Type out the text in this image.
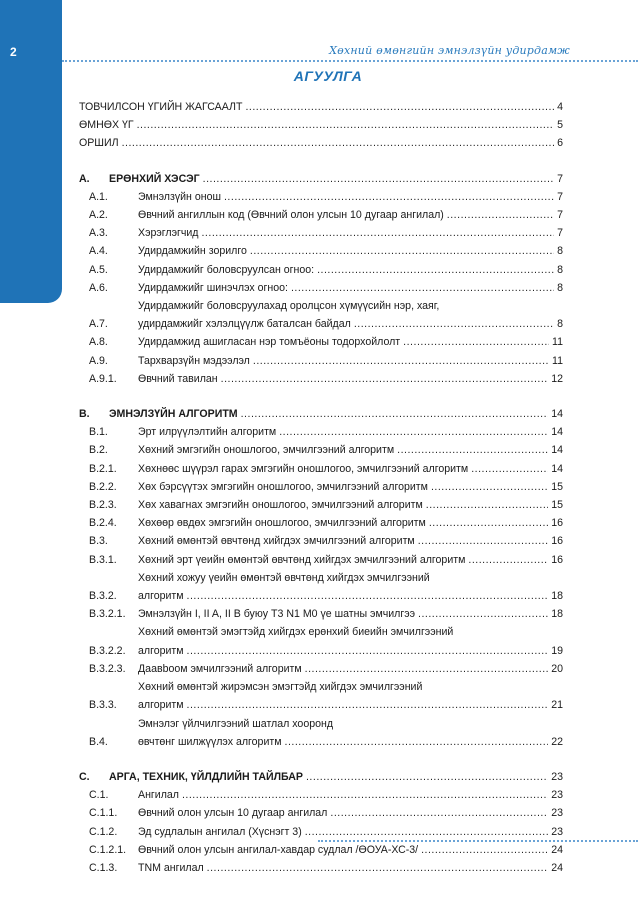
2	Хөхний өмөнгийн эмнэлзүйн удирдамж
АГУУЛГА
ТОВЧИЛСОН ҮГИЙН ЖАГСААЛТ .....	4
ӨМНӨХ ҮГ .....	5
ОРШИЛ .....	6
А.	ЕРӨНХИЙ ХЭСЭГ .....	7
А.1.	Эмнэлзүйн онош .....	7
А.2.	Өвчний ангиллын код (Өвчний олон улсын 10 дугаар ангилал) .....	7
А.3.	Хэрэглэгчид .....	7
А.4.	Удирдамжийн зорилго .....	8
А.5.	Удирдамжийг боловсруулсан огноо: .....	8
А.6.	Удирдамжийг шинэчлэх огноо: .....	8
А.7.
Удирдамжийг боловсруулахад оролцсон хүмүүсийн нэр, хаяг,
удирдамжийг хэлэлцүүлж баталсан байдал .....	8
А.8.	Удирдамжид ашигласан нэр томъёоны тодорхойлолт .....	11
А.9.	Тархварзүйн мэдээлэл .....	11
А.9.1.	Өвчний тавилан .....	12
В.	ЭМНЭЛЗҮЙН АЛГОРИТМ .....	14
В.1.	Эрт илрүүлэлтийн алгоритм .....	14
В.2.	Хөхний эмгэгийн оношлогоо, эмчилгээний алгоритм .....	14
В.2.1.	Хөхнөөс шүүрэл гарах эмгэгийн оношлогоо, эмчилгээний алгоритм .....	14
В.2.2.	Хөх бэрсүүтэх эмгэгийн оношлогоо, эмчилгээний алгоритм .....	15
В.2.3.	Хөх хавагнах эмгэгийн оношлогоо, эмчилгээний алгоритм .....	15
В.2.4.	Хөхөөр өвдөх эмгэгийн оношлогоо, эмчилгээний алгоритм .....	16
В.3.	Хөхний өмөнтэй өвчтөнд хийгдэх эмчилгээний алгоритм .....	16
В.3.1.	Хөхний эрт үеийн өмөнтэй өвчтөнд хийгдэх эмчилгээний алгоритм .....	16
В.3.2.
Хөхний хожуу үеийн өмөнтэй өвчтөнд хийгдэх эмчилгээний
алгоритм .....	18
В.3.2.1.	Эмнэлзүйн I, II A, II B буюу T3 N1 M0 үе шатны эмчилгээ .....	18
В.3.2.2.
Хөхний өмөнтэй эмэгтэйд хийгдэх ерөнхий биеийн эмчилгээний
алгоритм .....	19
В.3.2.3.	Даавbooм эмчилгээний алгоритм .....	20
В.3.3.
Хөхний өмөнтэй жирэмсэн эмэгтэйд хийгдэх эмчилгээний
алгоритм .....	21
В.4.
Эмнэлэг үйлчилгээний шатлал хооронд
өвчтөнг шилжүүлэх алгоритм .....	22
С.	АРГА, ТЕХНИК, ҮЙЛДЛИЙН ТАЙЛБАР .....	23
С.1.	Ангилал .....	23
С.1.1.	Өвчний олон улсын 10 дугаар ангилал .....	23
С.1.2.	Эд судлалын ангилал (Хүснэгт 3) .....	23
С.1.2.1.	Өвчний олон улсын ангилал-хавдар судлал /ӨОУА-ХС-3/ .....	24
С.1.3.	TNM ангилал .....	24
